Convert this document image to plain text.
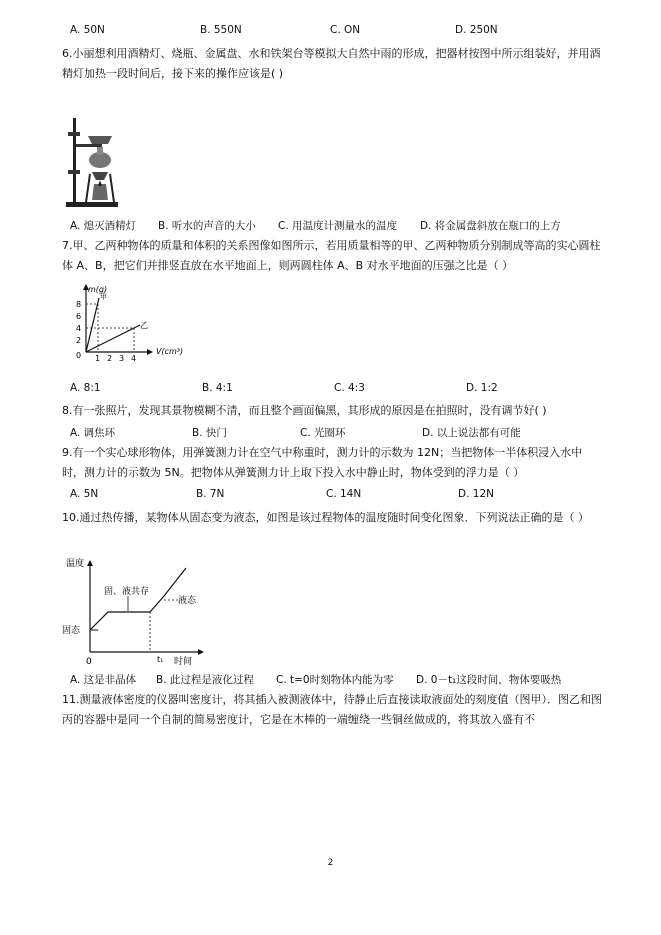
A. 50N	B. 550N	C. ON	D. 250N
6.小丽想利用酒精灯、烧瓶、金属盘、水和铁架台等模拟大自然中雨的形成，把器材按图中所示组装好，并用酒精灯加热一段时间后，接下来的操作应该是( )
A. 熄灭酒精灯 B. 听水的声音的大小 C. 用温度计测量水的温度 D. 将金属盘斜放在瓶口的上方
7.甲、乙两种物体的质量和体积的关系图像如图所示，若用质量相等的甲、乙两种物质分别制成等高的实心圆柱体 A、B，把它们并排竖直放在水平地面上，则两圆柱体 A、B 对水平地面的压强之比是（ ）
m(g)
甲
乙
V(cm³)
8
6
4
2
0 1 2 3 4
A. 8:1	B. 4:1	C. 4:3	D. 1:2
8.有一张照片，发现其景物模糊不清，而且整个画面偏黑，其形成的原因是在拍照时，没有调节好( )
A. 调焦环	B. 快门	C. 光圈环	D. 以上说法都有可能
9.有一个实心球形物体，用弹簧测力计在空气中称重时，测力计的示数为 12N；当把物体一半体积浸入水中时，测力计的示数为 5N。把物体从弹簧测力计上取下投入水中静止时，物体受到的浮力是（ ）
A. 5N	B. 7N	C. 14N	D. 12N
10.通过热传播，某物体从固态变为液态，如图是该过程物体的温度随时间变化图象．下列说法正确的是（ ）
温度
固、液共存
液态
固态
0	t₁ 时间
A. 这是非晶体 B. 此过程是液化过程 C. t=0时刻物体内能为零 D. 0－t₁这段时间，物体要吸热
11.测量液体密度的仪器叫密度计，将其插入被测液体中，待静止后直接读取液面处的刻度值（图甲）．图乙和图丙的容器中是同一个自制的简易密度计，它是在木棒的一端缠绕一些铜丝做成的，将其放入盛有不
2
